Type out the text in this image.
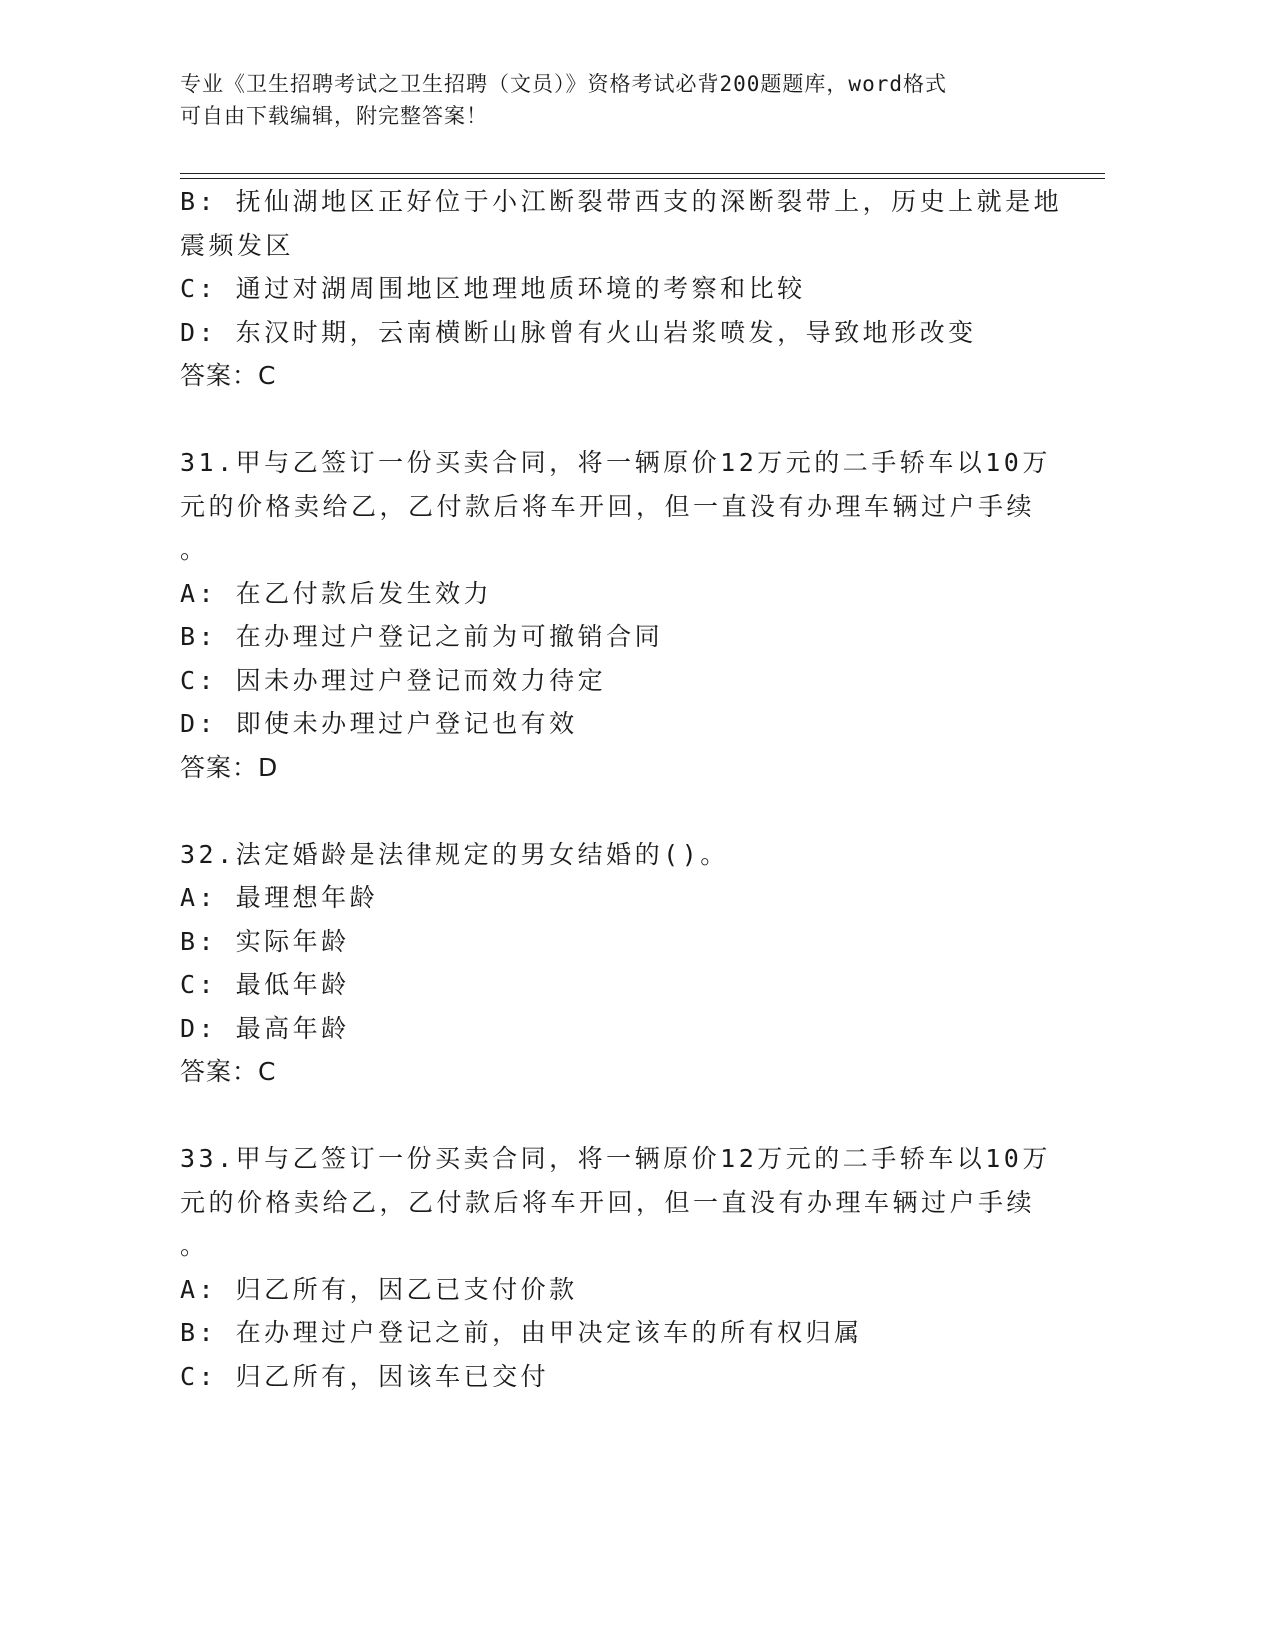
专业《卫生招聘考试之卫生招聘（文员）》资格考试必背200题题库，word格式
可自由下载编辑，附完整答案！
B: 抚仙湖地区正好位于小江断裂带西支的深断裂带上，历史上就是地
震频发区
C: 通过对湖周围地区地理地质环境的考察和比较
D: 东汉时期，云南横断山脉曾有火山岩浆喷发，导致地形改变
答案：C
31.甲与乙签订一份买卖合同，将一辆原价12万元的二手轿车以10万
元的价格卖给乙，乙付款后将车开回，但一直没有办理车辆过户手续
。
A: 在乙付款后发生效力
B: 在办理过户登记之前为可撤销合同
C: 因未办理过户登记而效力待定
D: 即使未办理过户登记也有效
答案：D
32.法定婚龄是法律规定的男女结婚的()。
A: 最理想年龄
B: 实际年龄
C: 最低年龄
D: 最高年龄
答案：C
33.甲与乙签订一份买卖合同，将一辆原价12万元的二手轿车以10万
元的价格卖给乙，乙付款后将车开回，但一直没有办理车辆过户手续
。
A: 归乙所有，因乙已支付价款
B: 在办理过户登记之前，由甲决定该车的所有权归属
C: 归乙所有，因该车已交付
